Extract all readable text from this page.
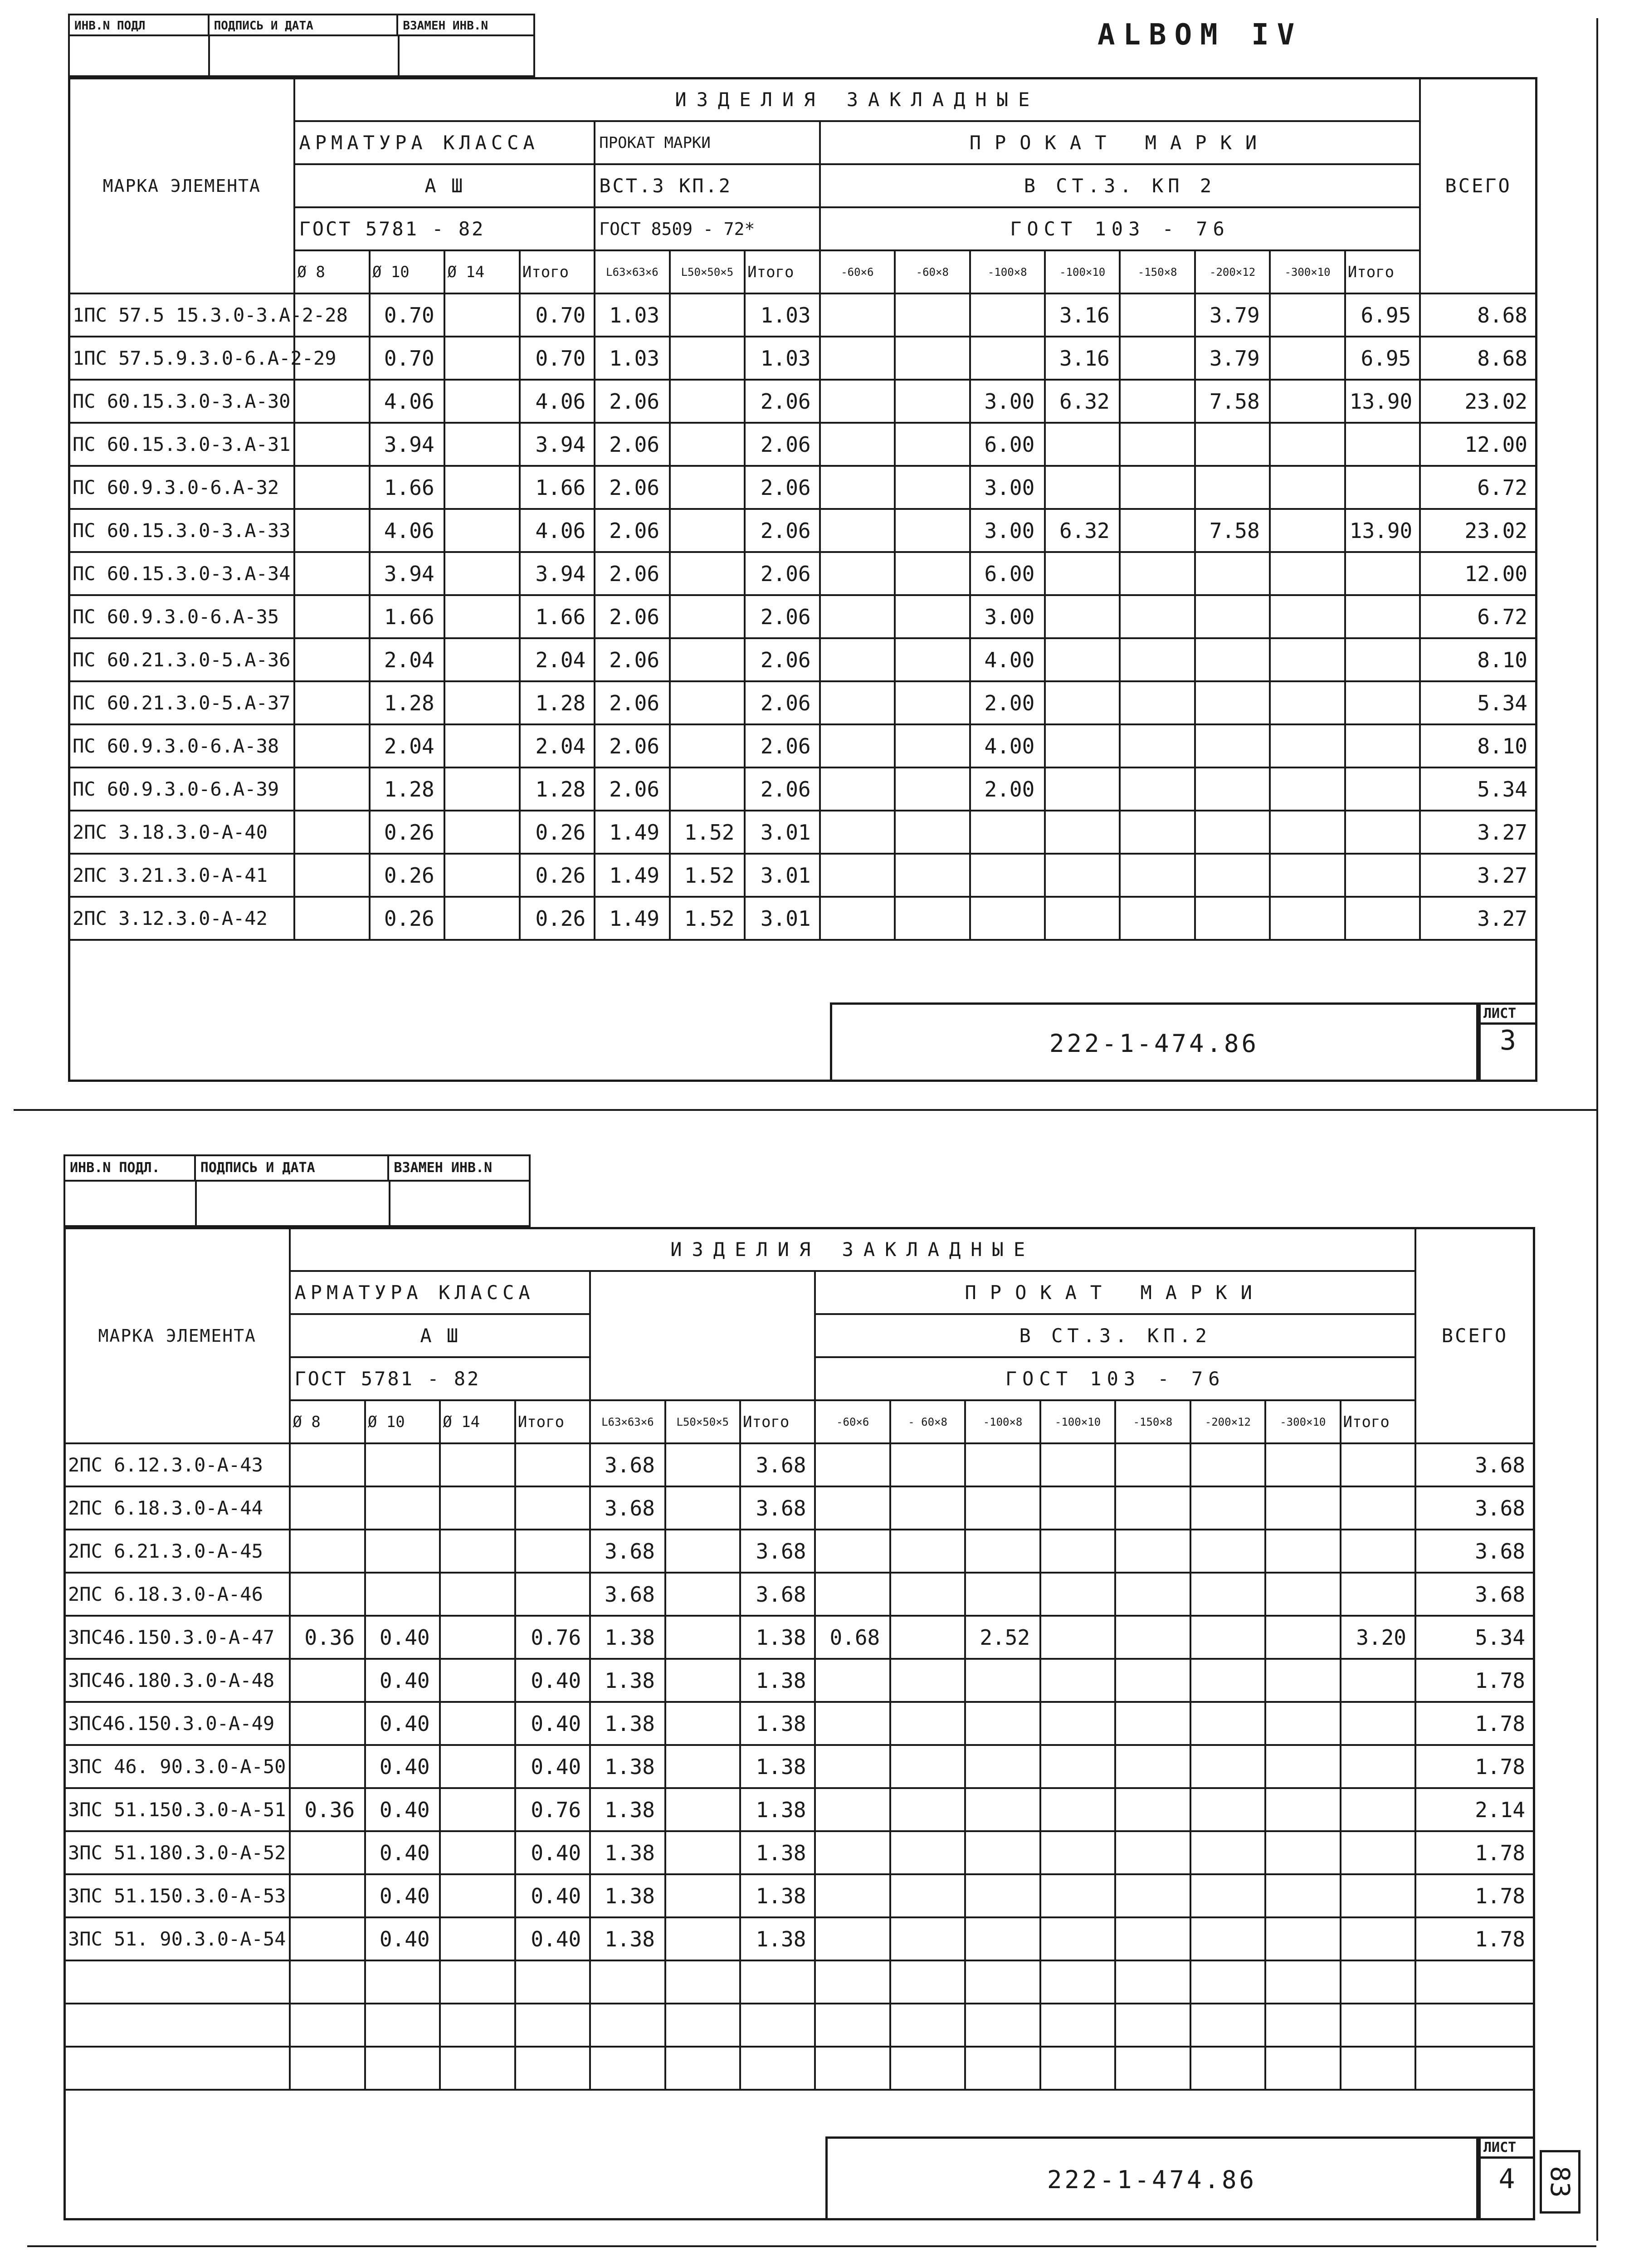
ИНВ.N ПОДЛ	ПОДПИСЬ И ДАТА	ВЗАМЕН ИНВ.N	ALBOM IV
МАРКА ЭЛЕМЕНТА	ИЗДЕЛИЯ ЗАКЛАДНЫЕ															ВСЕГО
	АРМАТУРА КЛАССА				ПРОКАТ МАРКИ			ПРОКАТ МАРКИ								
	А Ш				ВСТ.3 КП.2			В СТ.3. КП 2								
	ГОСТ 5781 - 82				ГОСТ 8509 - 72*			ГОСТ 103 - 76								
	Ø 8	Ø 10	Ø 14	Итого	L63×63×6	L50×50×5	Итого	-60×6	-60×8	-100×8	-100×10	-150×8	-200×12	-300×10	Итого	
1ПС 57.5 15.3.0-3.А-2-28		0.70		0.70	1.03		1.03				3.16		3.79		6.95	8.68
1ПС 57.5.9.3.0-6.А-2-29		0.70		0.70	1.03		1.03				3.16		3.79		6.95	8.68
ПС 60.15.3.0-3.А-30		4.06		4.06	2.06		2.06			3.00	6.32		7.58		13.90	23.02
ПС 60.15.3.0-3.А-31		3.94		3.94	2.06		2.06			6.00						12.00
ПС 60.9.3.0-6.А-32		1.66		1.66	2.06		2.06			3.00						6.72
ПС 60.15.3.0-3.А-33		4.06		4.06	2.06		2.06			3.00	6.32		7.58		13.90	23.02
ПС 60.15.3.0-3.А-34		3.94		3.94	2.06		2.06			6.00						12.00
ПС 60.9.3.0-6.А-35		1.66		1.66	2.06		2.06			3.00						6.72
ПС 60.21.3.0-5.А-36		2.04		2.04	2.06		2.06			4.00						8.10
ПС 60.21.3.0-5.А-37		1.28		1.28	2.06		2.06			2.00						5.34
ПС 60.9.3.0-6.А-38		2.04		2.04	2.06		2.06			4.00						8.10
ПС 60.9.3.0-6.А-39		1.28		1.28	2.06		2.06			2.00						5.34
2ПС 3.18.3.0-А-40		0.26		0.26	1.49	1.52	3.01									3.27
2ПС 3.21.3.0-А-41		0.26		0.26	1.49	1.52	3.01									3.27
2ПС 3.12.3.0-А-42		0.26		0.26	1.49	1.52	3.01									3.27
222-1-474.86
ЛИСТ
3
ИНВ.N ПОДЛ.	ПОДПИСЬ И ДАТА	ВЗАМЕН ИНВ.N
МАРКА ЭЛЕМЕНТА	ИЗДЕЛИЯ ЗАКЛАДНЫЕ															ВСЕГО
	АРМАТУРА КЛАССА							ПРОКАТ МАРКИ								
	А Ш							В СТ.3. КП.2								
	ГОСТ 5781 - 82							ГОСТ 103 - 76								
	Ø 8	Ø 10	Ø 14	Итого	L63×63×6	L50×50×5	Итого	-60×6	- 60×8	-100×8	-100×10	-150×8	-200×12	-300×10	Итого	
2ПС 6.12.3.0-А-43					3.68		3.68									3.68
2ПС 6.18.3.0-А-44					3.68		3.68									3.68
2ПС 6.21.3.0-А-45					3.68		3.68									3.68
2ПС 6.18.3.0-А-46					3.68		3.68									3.68
3ПС46.150.3.0-А-47	0.36	0.40		0.76	1.38		1.38	0.68		2.52					3.20	5.34
3ПС46.180.3.0-А-48		0.40		0.40	1.38		1.38									1.78
3ПС46.150.3.0-А-49		0.40		0.40	1.38		1.38									1.78
3ПС 46. 90.3.0-А-50		0.40		0.40	1.38		1.38									1.78
3ПС 51.150.3.0-А-51	0.36	0.40		0.76	1.38		1.38									2.14
3ПС 51.180.3.0-А-52		0.40		0.40	1.38		1.38									1.78
3ПС 51.150.3.0-А-53		0.40		0.40	1.38		1.38									1.78
3ПС 51. 90.3.0-А-54		0.40		0.40	1.38		1.38									1.78

222-1-474.86
ЛИСТ
4	83
